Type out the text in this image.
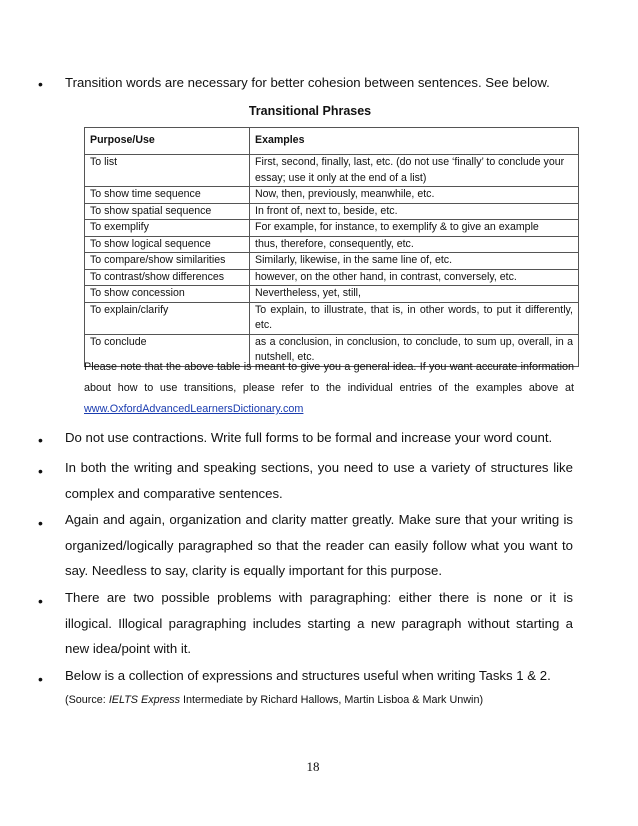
• Transition words are necessary for better cohesion between sentences. See below.
Transitional Phrases
Purpose/Use	Examples
To list	First, second, finally, last, etc. (do not use ‘finally’ to conclude your essay; use it only at the end of a list)
To show time sequence	Now, then, previously, meanwhile, etc.
To show spatial sequence	In front of, next to, beside, etc.
To exemplify	For example, for instance, to exemplify & to give an example
To show logical sequence	thus, therefore, consequently, etc.
To compare/show similarities	Similarly, likewise, in the same line of, etc.
To contrast/show differences	however, on the other hand, in contrast, conversely, etc.
To show concession	Nevertheless, yet, still,
To explain/clarify	To explain, to illustrate, that is, in other words, to put it differently, etc.
To conclude	as a conclusion, in conclusion, to conclude, to sum up, overall, in a nutshell, etc.
Please note that the above table is meant to give you a general idea. If you want accurate information about how to use transitions, please refer to the individual entries of the examples above at www.OxfordAdvancedLearnersDictionary.com
• Do not use contractions. Write full forms to be formal and increase your word count.
• In both the writing and speaking sections, you need to use a variety of structures like complex and comparative sentences.
• Again and again, organization and clarity matter greatly. Make sure that your writing is organized/logically paragraphed so that the reader can easily follow what you want to say. Needless to say, clarity is equally important for this purpose.
• There are two possible problems with paragraphing: either there is none or it is illogical. Illogical paragraphing includes starting a new paragraph without starting a new idea/point with it.
• Below is a collection of expressions and structures useful when writing Tasks 1 & 2.
(Source: IELTS Express Intermediate by Richard Hallows, Martin Lisboa & Mark Unwin)
18
